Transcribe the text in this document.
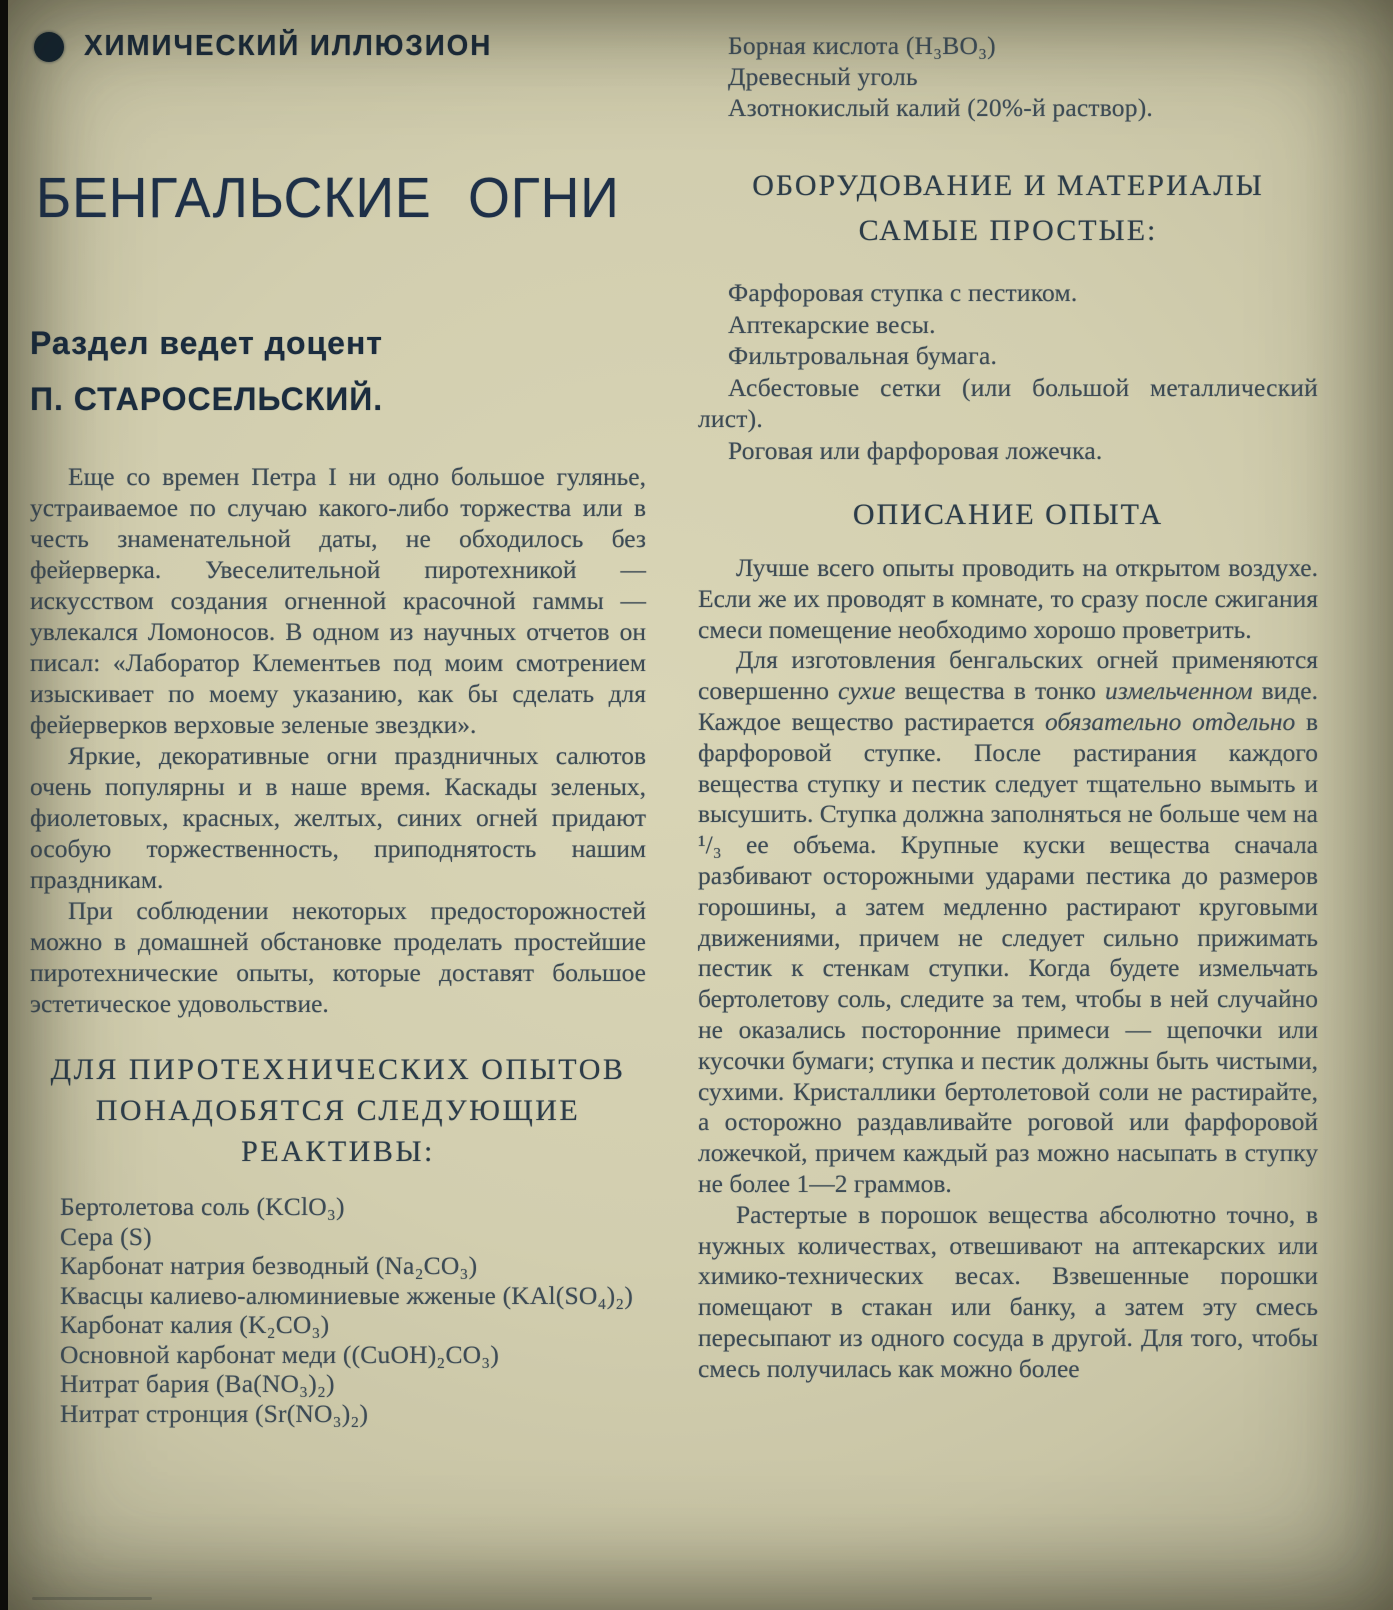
ХИМИЧЕСКИЙ ИЛЛЮЗИОН
БЕНГАЛЬСКИЕ ОГНИ
Раздел ведет доцент
П. СТАРОСЕЛЬСКИЙ.

Еще со времен Петра I ни одно большое гулянье, устраиваемое по случаю какого-либо торжества или в честь знаменательной даты, не обходилось без фейерверка. Увеселительной пиротехникой — искусством создания огненной красочной гаммы — увлекался Ломоносов. В одном из научных отчетов он писал: «Лаборатор Клементьев под моим смотрением изыскивает по моему указанию, как бы сделать для фейерверков верховые зеленые звездки».

Яркие, декоративные огни праздничных салютов очень популярны и в наше время. Каскады зеленых, фиолетовых, красных, желтых, синих огней придают особую торжественность, приподнятость нашим праздникам.

При соблюдении некоторых предосторожностей можно в домашней обстановке проделать простейшие пиротехнические опыты, которые доставят большое эстетическое удовольствие.

ДЛЯ ПИРОТЕХНИЧЕСКИХ ОПЫТОВ ПОНАДОБЯТСЯ СЛЕДУЮЩИЕ РЕАКТИВЫ:

Бертолетова соль (KClO₃)

Сера (S)

Карбонат натрия безводный (Na₂CO₃)

Квасцы калиево-алюминиевые жженые (KAl(SO₄)₂)

Карбонат калия (K₂CO₃)

Основной карбонат меди ((CuOH)₂CO₃)

Нитрат бария (Ba(NO₃)₂)

Нитрат стронция (Sr(NO₃)₂)

Борная кислота (H₃BO₃)

Древесный уголь

Азотнокислый калий (20%-й раствор).

ОБОРУДОВАНИЕ И МАТЕРИАЛЫ САМЫЕ ПРОСТЫЕ:

Фарфоровая ступка с пестиком.

Аптекарские весы.

Фильтровальная бумага.

Асбестовые сетки (или большой металлический лист).

Роговая или фарфоровая ложечка.

ОПИСАНИЕ ОПЫТА

Лучше всего опыты проводить на открытом воздухе. Если же их проводят в комнате, то сразу после сжигания смеси помещение необходимо хорошо проветрить.

Для изготовления бенгальских огней применяются совершенно сухие вещества в тонко измельченном виде. Каждое вещество растирается обязательно отдельно в фарфоровой ступке. После растирания каждого вещества ступку и пестик следует тщательно вымыть и высушить. Ступка должна заполняться не больше чем на ¹/₃ ее объема. Крупные куски вещества сначала разбивают осторожными ударами пестика до размеров горошины, а затем медленно растирают круговыми движениями, причем не следует сильно прижимать пестик к стенкам ступки. Когда будете измельчать бертолетову соль, следите за тем, чтобы в ней случайно не оказались посторонние примеси — щепочки или кусочки бумаги; ступка и пестик должны быть чистыми, сухими. Кристаллики бертолетовой соли не растирайте, а осторожно раздавливайте роговой или фарфоровой ложечкой, причем каждый раз можно насыпать в ступку не более 1—2 граммов.

Растертые в порошок вещества абсолютно точно, в нужных количествах, отвешивают на аптекарских или химико-технических весах. Взвешенные порошки помещают в стакан или банку, а затем эту смесь пересыпают из одного сосуда в другой. Для того, чтобы смесь получилась как можно более
